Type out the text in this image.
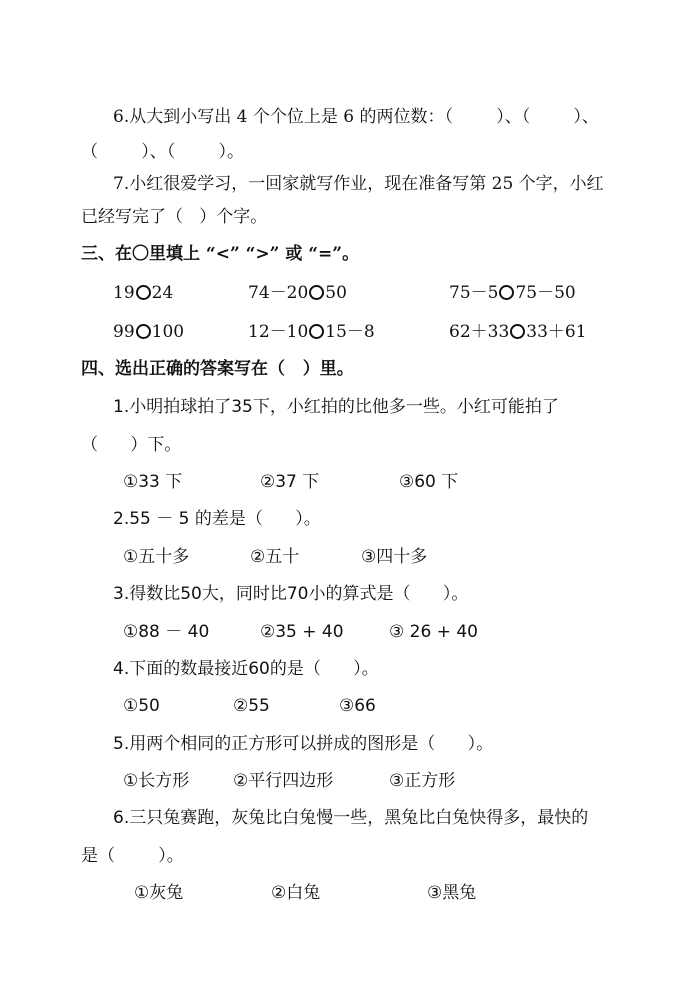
6.从大到小写出 4 个个位上是 6 的两位数：（        ）、（        ）、
（        ）、（        ）。
7.小红很爱学习，一回家就写作业，现在准备写第 25 个字，小红
已经写完了（   ）个字。
三、在〇里填上 “<” “>” 或 “=”。
19 24	74－20 50	75－5 75－50
99 100	12－10 15－8	62＋33 33＋61
四、选出正确的答案写在（   ）里。
1.小明拍球拍了35下，小红拍的比他多一些。小红可能拍了
（      ）下。
①33 下	②37 下	③60 下
2.55 － 5 的差是（      ）。
①五十多	②五十	③四十多
3.得数比50大，同时比70小的算式是（      ）。
①88 － 40	②35 + 40	③ 26 + 40
4.下面的数最接近60的是（      ）。
①50	②55	③66
5.用两个相同的正方形可以拼成的图形是（      ）。
①长方形	②平行四边形	③正方形
6.三只兔赛跑，灰兔比白兔慢一些，黑兔比白兔快得多，最快的
是（        ）。
①灰兔	②白兔	③黑兔
